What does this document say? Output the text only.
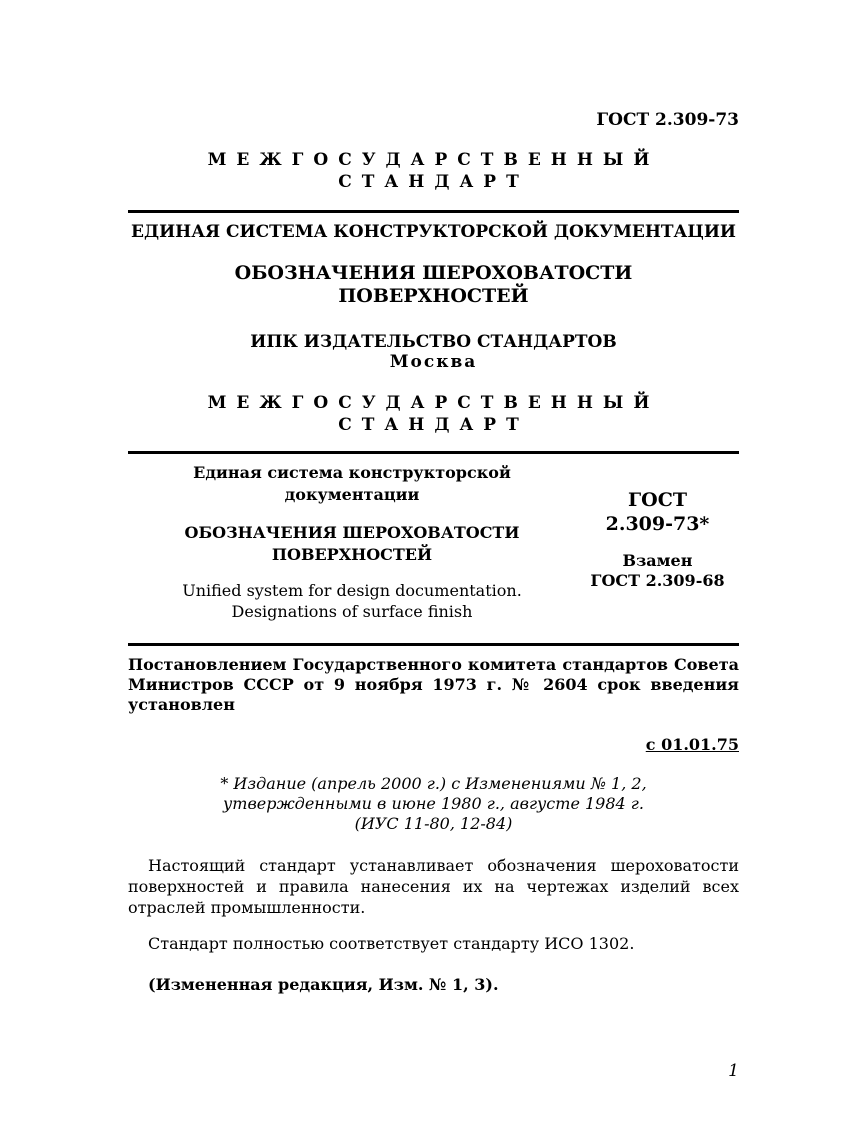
ГОСТ 2.309-73
МЕЖГОСУДАРСТВЕННЫЙ
СТАНДАРТ
ЕДИНАЯ СИСТЕМА КОНСТРУКТОРСКОЙ ДОКУМЕНТАЦИИ
ОБОЗНАЧЕНИЯ ШЕРОХОВАТОСТИ
ПОВЕРХНОСТЕЙ
ИПК ИЗДАТЕЛЬСТВО СТАНДАРТОВ
Москва
МЕЖГОСУДАРСТВЕННЫЙ
СТАНДАРТ
Единая система конструкторской
документации
ОБОЗНАЧЕНИЯ ШЕРОХОВАТОСТИ
ПОВЕРХНОСТЕЙ
Unified system for design documentation.
Designations of surface finish
ГОСТ
2.309-73*
Взамен
ГОСТ 2.309-68
Постановлением Государственного комитета стандартов Совета Министров СССР от 9 ноября 1973 г. № 2604 срок введения установлен
с 01.01.75
* Издание (апрель 2000 г.) с Изменениями № 1, 2,
утвержденными в июне 1980 г., августе 1984 г.
(ИУС 11-80, 12-84)
Настоящий стандарт устанавливает обозначения шероховатости поверхностей и правила нанесения их на чертежах изделий всех отраслей промышленности.
Стандарт полностью соответствует стандарту ИСО 1302.
(Измененная редакция, Изм. № 1, 3).
1
